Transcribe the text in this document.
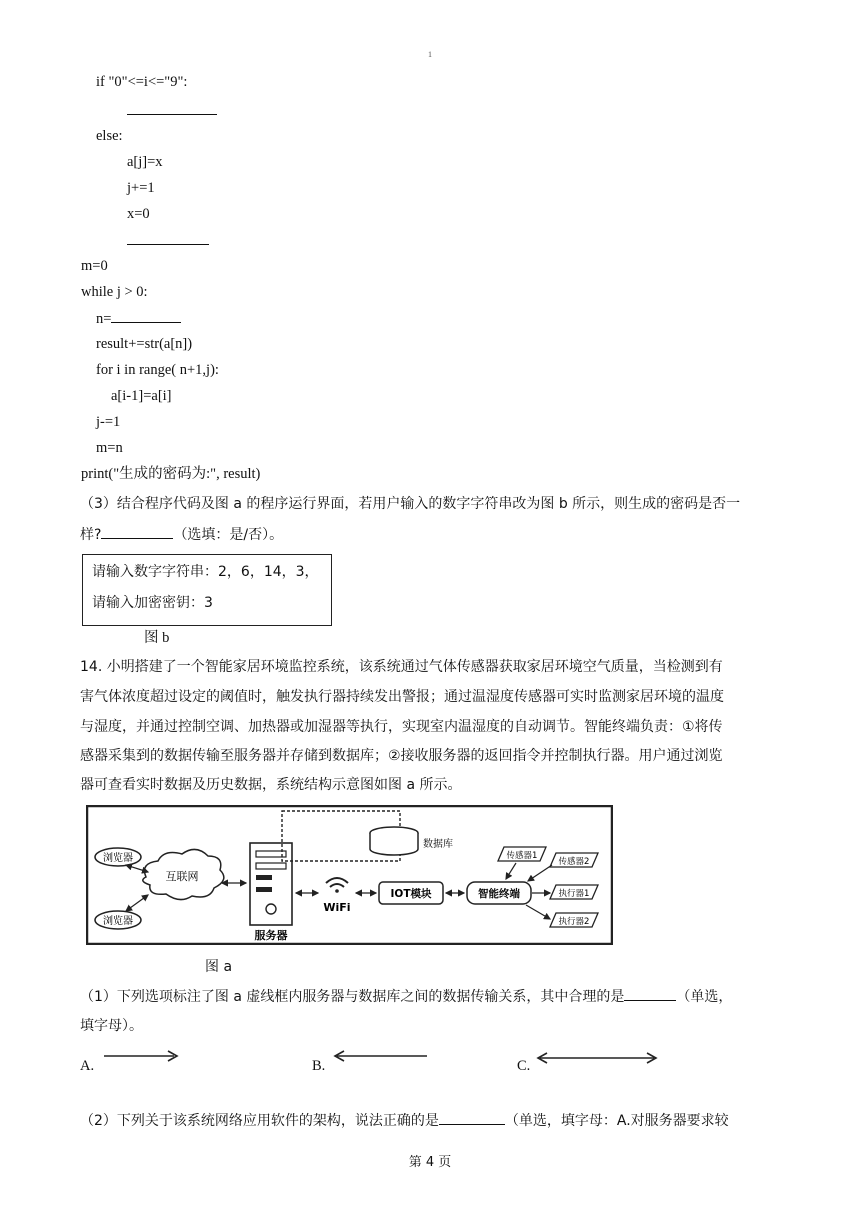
1
if "0"<=i<="9":
else:
a[j]=x
j+=1
x=0
m=0
while j > 0:
n=
result+=str(a[n])
for i in range( n+1,j):
a[i-1]=a[i]
j-=1
m=n
print("生成的密码为:", result)
（3）结合程序代码及图 a 的程序运行界面，若用户输入的数字字符串改为图 b 所示，则生成的密码是否一
样?	（选填：是/否）。
请输入数字字符串：2，6，14，3，
请输入加密密钥：3
图 b
14. 小明搭建了一个智能家居环境监控系统，该系统通过气体传感器获取家居环境空气质量，当检测到有
害气体浓度超过设定的阈值时，触发执行器持续发出警报；通过温湿度传感器可实时监测家居环境的温度
与湿度，并通过控制空调、加热器或加湿器等执行，实现室内温湿度的自动调节。智能终端负责：①将传
感器采集到的数据传输至服务器并存储到数据库；②接收服务器的返回指令并控制执行器。用户通过浏览
器可查看实时数据及历史数据，系统结构示意图如图 a 所示。
浏览器
浏览器
互联网
服务器
数据库
WiFi
IOT模块	智能终端
传感器1
传感器2
执行器1
执行器2
图 a
（1）下列选项标注了图 a 虚线框内服务器与数据库之间的数据传输关系，其中合理的是	（单选，
填字母）。
A.	B.	C.
（2）下列关于该系统网络应用软件的架构，说法正确的是	（单选，填字母：A.对服务器要求较
第 4 页
